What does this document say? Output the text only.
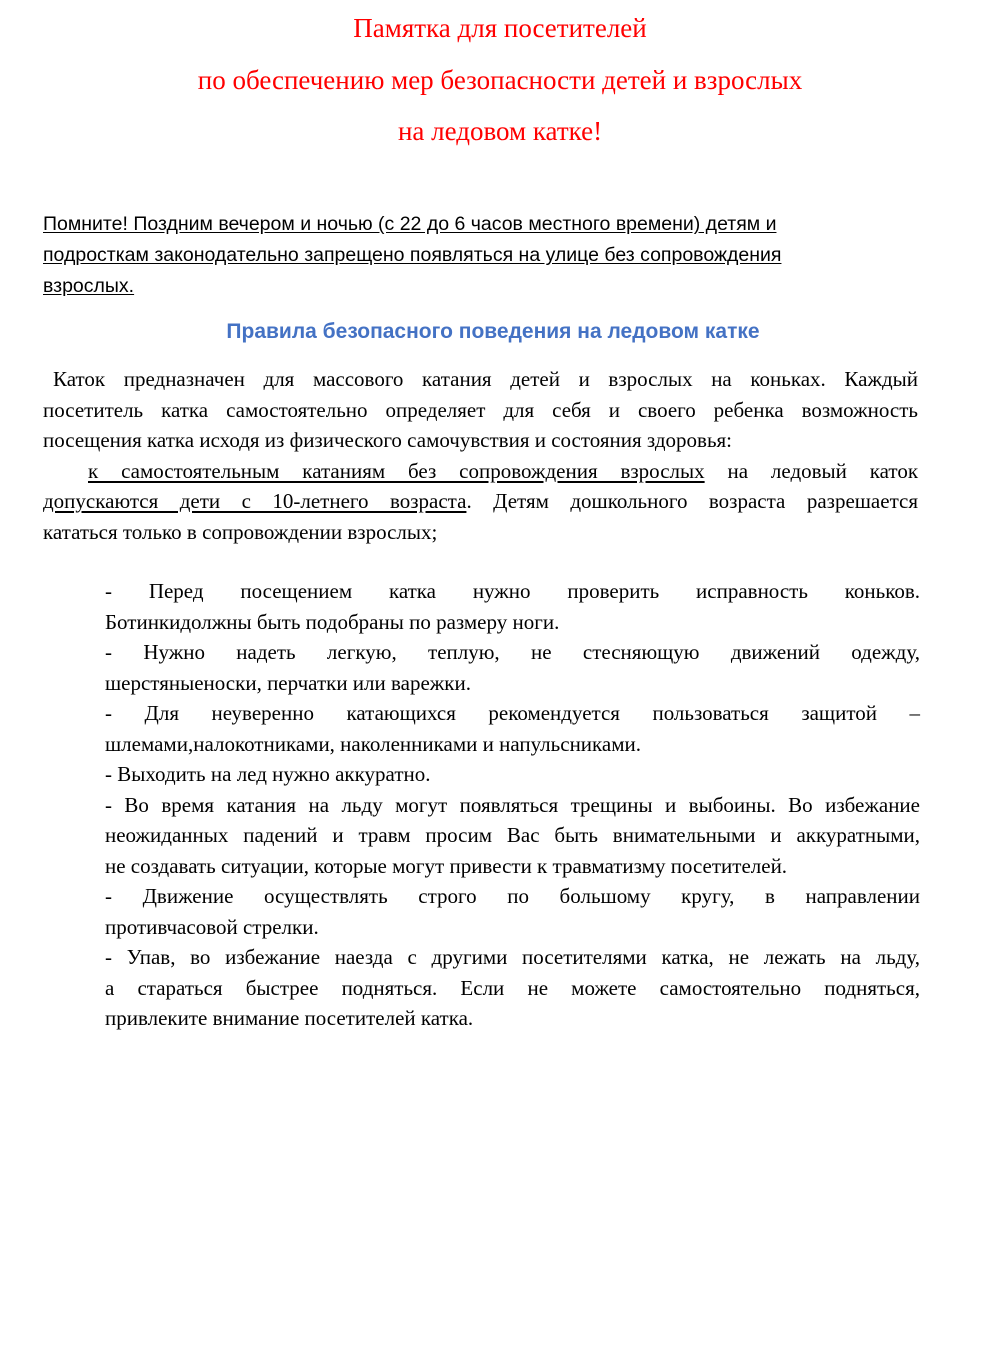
Памятка для посетителей
по обеспечению мер безопасности детей и взрослых
на ледовом катке!
Помните! Поздним вечером и ночью (с 22 до 6 часов местного времени) детям и
подросткам законодательно запрещено появляться на улице без сопровождения
взрослых.
Правила безопасного поведения на ледовом катке
Каток предназначен для массового катания детей и взрослых на коньках. Каждый
посетитель катка самостоятельно определяет для себя и своего ребенка возможность
посещения катка исходя из физического самочувствия и состояния здоровья:
к самостоятельным катаниям без сопровождения взрослых на ледовый каток
допускаются дети с 10-летнего возраста. Детям дошкольного возраста разрешается
кататься только в сопровождении взрослых;
- Перед посещением катка нужно проверить исправность коньков.
Ботинкидолжны быть подобраны по размеру ноги.
- Нужно надеть легкую, теплую, не стесняющую движений одежду,
шерстяныеноски, перчатки или варежки.
- Для неуверенно катающихся рекомендуется пользоваться защитой –
шлемами,налокотниками, наколенниками и напульсниками.
- Выходить на лед нужно аккуратно.
- Во время катания на льду могут появляться трещины и выбоины. Во избежание
неожиданных падений и травм просим Вас быть внимательными и аккуратными,
не создавать ситуации, которые могут привести к травматизму посетителей.
- Движение осуществлять строго по большому кругу, в направлении
противчасовой стрелки.
- Упав, во избежание наезда с другими посетителями катка, не лежать на льду,
а стараться быстрее подняться. Если не можете самостоятельно подняться,
привлеките внимание посетителей катка.
